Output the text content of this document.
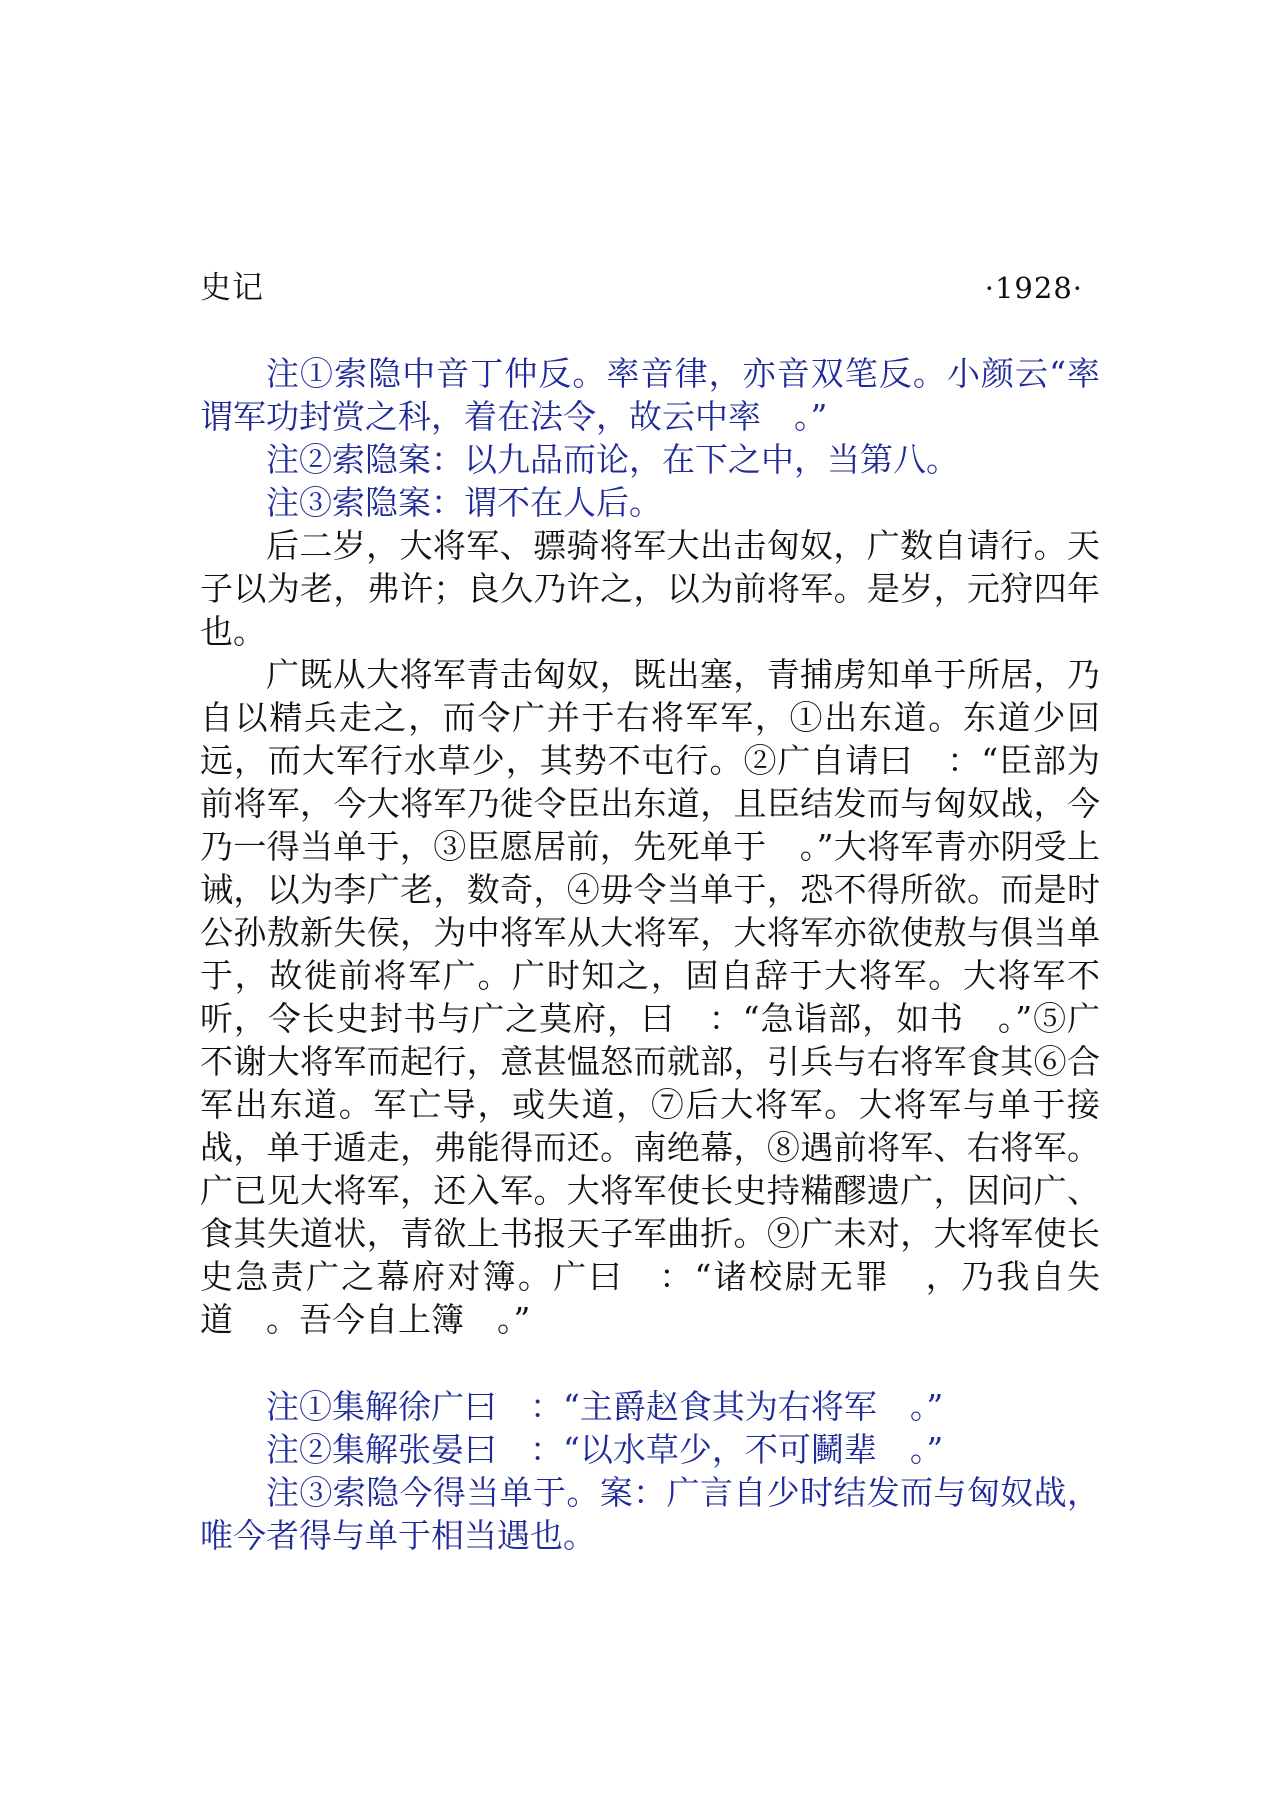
史记	·1928·

注①索隐中音丁仲反。率音律，亦音双笔反。小颜云“率谓军功封赏之科，着在法令，故云中率　。”

注②索隐案：以九品而论，在下之中，当第八。

注③索隐案：谓不在人后。

后二岁，大将军、骠骑将军大出击匈奴，广数自请行。天子以为老，弗许；良久乃许之，以为前将军。是岁，元狩四年也。

广既从大将军青击匈奴，既出塞，青捕虏知单于所居，乃自以精兵走之，而令广并于右将军军，①出东道。东道少回远，而大军行水草少，其势不屯行。②广自请曰　：“臣部为前将军，今大将军乃徙令臣出东道，且臣结发而与匈奴战，今乃一得当单于，③臣愿居前，先死单于　。”大将军青亦阴受上诫，以为李广老，数奇，④毋令当单于，恐不得所欲。而是时公孙敖新失侯，为中将军从大将军，大将军亦欲使敖与俱当单于，故徙前将军广。广时知之，固自辞于大将军。大将军不听，令长史封书与广之莫府，曰　：“急诣部，如书　。”⑤广不谢大将军而起行，意甚愠怒而就部，引兵与右将军食其⑥合军出东道。军亡导，或失道，⑦后大将军。大将军与单于接战，单于遁走，弗能得而还。南绝幕，⑧遇前将军、右将军。广已见大将军，还入军。大将军使长史持糒醪遗广，因问广、食其失道状，青欲上书报天子军曲折。⑨广未对，大将军使长史急责广之幕府对簿。广曰　：“诸校尉无罪　，乃我自失道　。吾今自上簿　。”

注①集解徐广曰　：“主爵赵食其为右将军　。”

注②集解张晏曰　：“以水草少，不可鬭辈　。”

注③索隐今得当单于。案：广言自少时结发而与匈奴战，唯今者得与单于相当遇也。
